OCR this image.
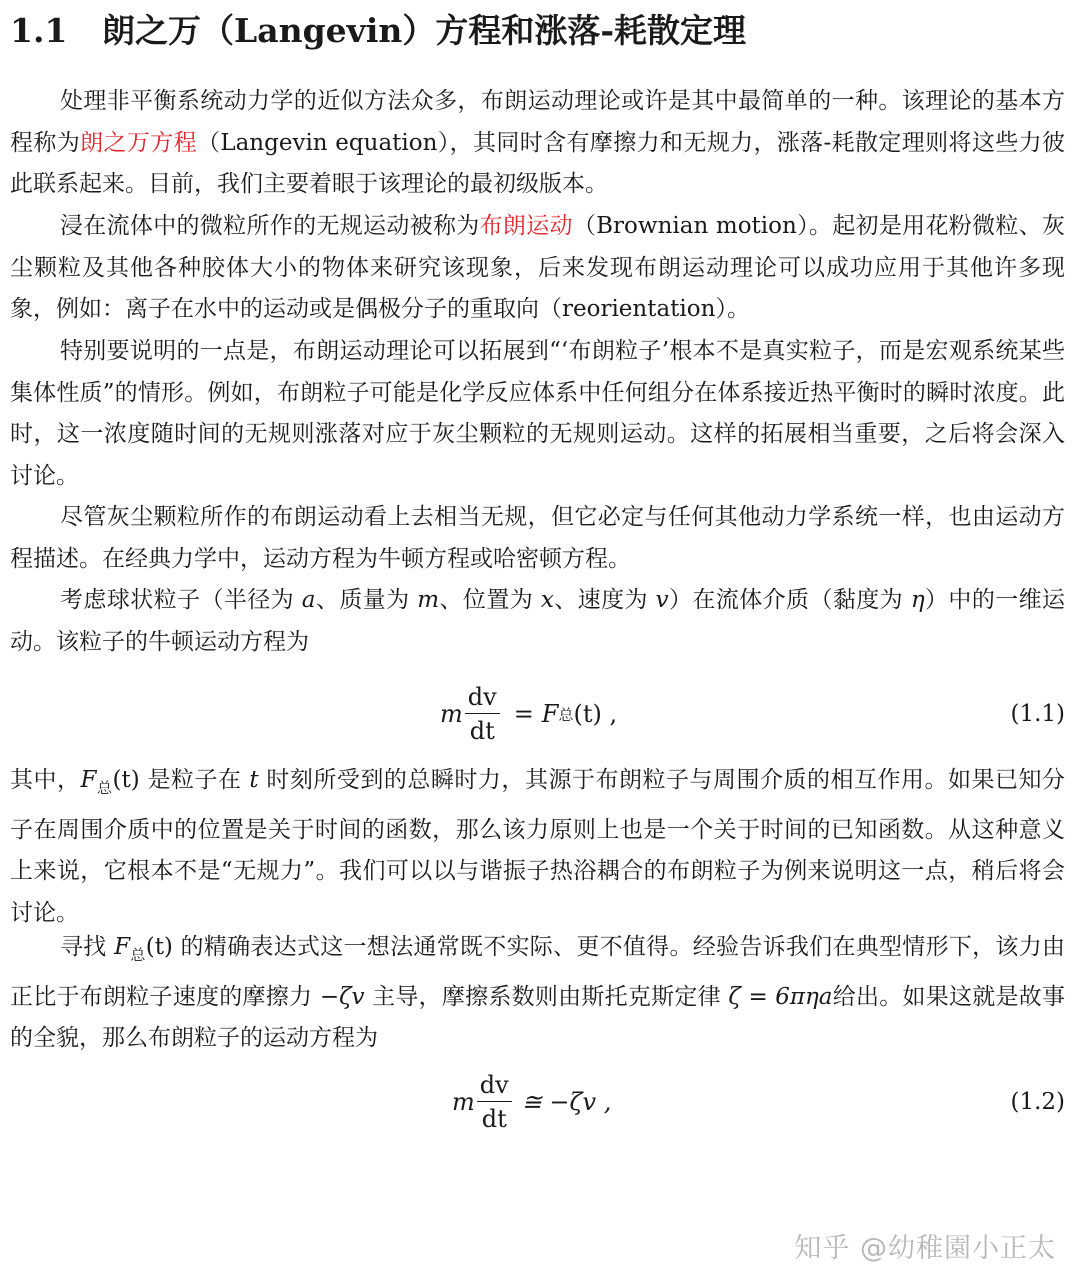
1.1 朗之万（Langevin）方程和涨落-耗散定理

处理非平衡系统动力学的近似方法众多，布朗运动理论或许是其中最简单的一种。该理论的基本方程称为朗之万方程（Langevin equation），其同时含有摩擦力和无规力，涨落-耗散定理则将这些力彼此联系起来。目前，我们主要着眼于该理论的最初级版本。

浸在流体中的微粒所作的无规运动被称为布朗运动（Brownian motion）。起初是用花粉微粒、灰尘颗粒及其他各种胶体大小的物体来研究该现象，后来发现布朗运动理论可以成功应用于其他许多现象，例如：离子在水中的运动或是偶极分子的重取向（reorientation）。

特别要说明的一点是，布朗运动理论可以拓展到“‘布朗粒子’根本不是真实粒子，而是宏观系统某些集体性质”的情形。例如，布朗粒子可能是化学反应体系中任何组分在体系接近热平衡时的瞬时浓度。此时，这一浓度随时间的无规则涨落对应于灰尘颗粒的无规则运动。这样的拓展相当重要，之后将会深入讨论。

尽管灰尘颗粒所作的布朗运动看上去相当无规，但它必定与任何其他动力学系统一样，也由运动方程描述。在经典力学中，运动方程为牛顿方程或哈密顿方程。

考虑球状粒子（半径为 a、质量为 m、位置为 x、速度为 v）在流体介质（黏度为 η）中的一维运动。该粒子的牛顿运动方程为

m $\frac{dv}{dt} = F$ 总 (t) ,	(1.1)

其中，$F_总(t)$ 是粒子在 t 时刻所受到的总瞬时力，其源于布朗粒子与周围介质的相互作用。如果已知分子在周围介质中的位置是关于时间的函数，那么该力原则上也是一个关于时间的已知函数。从这种意义上来说，它根本不是“无规力”。我们可以以与谐振子热浴耦合的布朗粒子为例来说明这一点，稍后将会讨论。

寻找 $F_总(t)$ 的精确表达式这一想法通常既不实际、更不值得。经验告诉我们在典型情形下，该力由正比于布朗粒子速度的摩擦力 −ζv 主导，摩擦系数则由斯托克斯定律 ζ = 6πηa给出。如果这就是故事的全貌，那么布朗粒子的运动方程为

m $\frac{dv}{dt}$ ≅ −ζv ,	(1.2)
知乎 @幼稚園小正太
